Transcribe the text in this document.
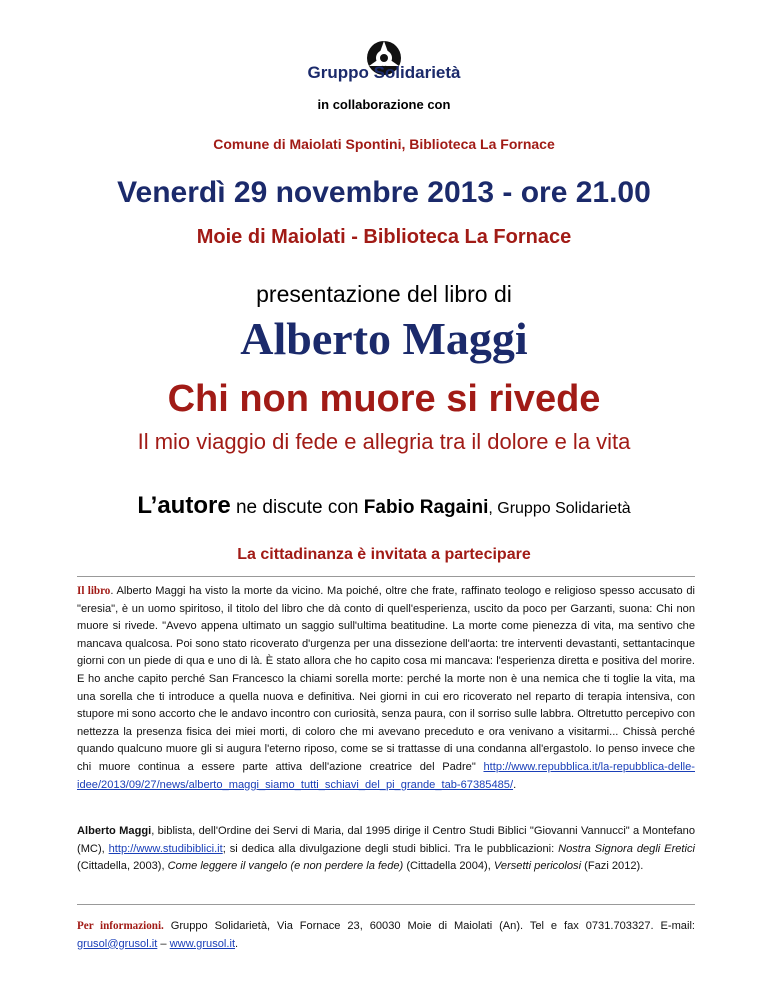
Gruppo Solidarietà
in collaborazione con
Comune di Maiolati Spontini, Biblioteca La Fornace
Venerdì 29 novembre 2013 - ore 21.00
Moie di Maiolati - Biblioteca La Fornace
presentazione del libro di
Alberto Maggi
Chi non muore si rivede
Il mio viaggio di fede e allegria tra il dolore e la vita
L’autore ne discute con Fabio Ragaini, Gruppo Solidarietà
La cittadinanza è invitata a partecipare
Il libro. Alberto Maggi ha visto la morte da vicino. Ma poiché, oltre che frate, raffinato teologo e religioso spesso accusato di "eresia", è un uomo spiritoso, il titolo del libro che dà conto di quell'esperienza, uscito da poco per Garzanti, suona: Chi non muore si rivede. "Avevo appena ultimato un saggio sull'ultima beatitudine. La morte come pienezza di vita, ma sentivo che mancava qualcosa. Poi sono stato ricoverato d'urgenza per una dissezione dell'aorta: tre interventi devastanti, settantacinque giorni con un piede di qua e uno di là. È stato allora che ho capito cosa mi mancava: l'esperienza diretta e positiva del morire. E ho anche capito perché San Francesco la chiami sorella morte: perché la morte non è una nemica che ti toglie la vita, ma una sorella che ti introduce a quella nuova e definitiva. Nei giorni in cui ero ricoverato nel reparto di terapia intensiva, con stupore mi sono accorto che le andavo incontro con curiosità, senza paura, con il sorriso sulle labbra. Oltretutto percepivo con nettezza la presenza fisica dei miei morti, di coloro che mi avevano preceduto e ora venivano a visitarmi... Chissà perché quando qualcuno muore gli si augura l'eterno riposo, come se si trattasse di una condanna all'ergastolo. Io penso invece che chi muore continua a essere parte attiva dell'azione creatrice del Padre" http://www.repubblica.it/la-repubblica-delle-idee/2013/09/27/news/alberto_maggi_siamo_tutti_schiavi_del_pi_grande_tab-67385485/.
Alberto Maggi, biblista, dell'Ordine dei Servi di Maria, dal 1995 dirige il Centro Studi Biblici "Giovanni Vannucci" a Montefano (MC), http://www.studibiblici.it; si dedica alla divulgazione degli studi biblici. Tra le pubblicazioni: Nostra Signora degli Eretici (Cittadella, 2003), Come leggere il vangelo (e non perdere la fede) (Cittadella 2004), Versetti pericolosi (Fazi 2012).
Per informazioni. Gruppo Solidarietà, Via Fornace 23, 60030 Moie di Maiolati (An). Tel e fax 0731.703327. E-mail: grusol@grusol.it – www.grusol.it.
